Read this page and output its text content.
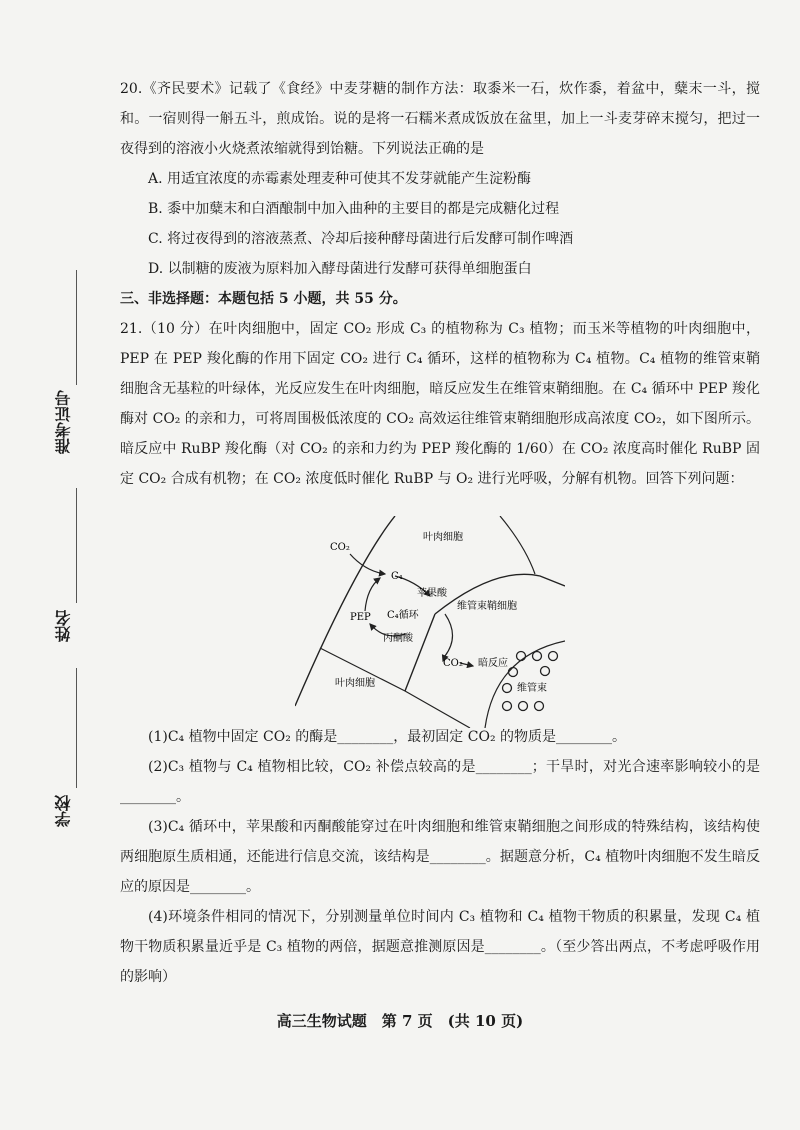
准考证号
姓名
学校

20.《齐民要术》记载了《食经》中麦芽糖的制作方法：取黍米一石，炊作黍，着盆中，糵末一斗，搅和。一宿则得一斛五斗，煎成饴。说的是将一石糯米煮成饭放在盆里，加上一斗麦芽碎末搅匀，把过一夜得到的溶液小火烧煮浓缩就得到饴糖。下列说法正确的是

A. 用适宜浓度的赤霉素处理麦种可使其不发芽就能产生淀粉酶

B. 黍中加糵末和白酒酿制中加入曲种的主要目的都是完成糖化过程

C. 将过夜得到的溶液蒸煮、冷却后接种酵母菌进行后发酵可制作啤酒

D. 以制糖的废液为原料加入酵母菌进行发酵可获得单细胞蛋白

三、非选择题：本题包括 5 小题，共 55 分。

21.（10 分）在叶肉细胞中，固定 CO₂ 形成 C₃ 的植物称为 C₃ 植物；而玉米等植物的叶肉细胞中，PEP 在 PEP 羧化酶的作用下固定 CO₂ 进行 C₄ 循环，这样的植物称为 C₄ 植物。C₄ 植物的维管束鞘细胞含无基粒的叶绿体，光反应发生在叶肉细胞，暗反应发生在维管束鞘细胞。在 C₄ 循环中 PEP 羧化酶对 CO₂ 的亲和力，可将周围极低浓度的 CO₂ 高效运往维管束鞘细胞形成高浓度 CO₂，如下图所示。暗反应中 RuBP 羧化酶（对 CO₂ 的亲和力约为 PEP 羧化酶的 1/60）在 CO₂ 浓度高时催化 RuBP 固定 CO₂ 合成有机物；在 CO₂ 浓度低时催化 RuBP 与 O₂ 进行光呼吸，分解有机物。回答下列问题：

(1)C₄ 植物中固定 CO₂ 的酶是________，最初固定 CO₂ 的物质是________。

(2)C₃ 植物与 C₄ 植物相比较，CO₂ 补偿点较高的是________；干旱时，对光合速率影响较小的是________。

(3)C₄ 循环中，苹果酸和丙酮酸能穿过在叶肉细胞和维管束鞘细胞之间形成的特殊结构，该结构使两细胞原生质相通，还能进行信息交流，该结构是________。据题意分析，C₄ 植物叶肉细胞不发生暗反应的原因是________。

(4)环境条件相同的情况下，分别测量单位时间内 C₃ 植物和 C₄ 植物干物质的积累量，发现 C₄ 植物干物质积累量近乎是 C₃ 植物的两倍，据题意推测原因是________。（至少答出两点，不考虑呼吸作用的影响）

CO₂
C₄
苹果酸
C₄循环
PEP
丙酮酸
叶肉细胞
维管束鞘细胞
CO₂ 暗反应
叶肉细胞	维管束
高三生物试题　第 7 页　(共 10 页)
